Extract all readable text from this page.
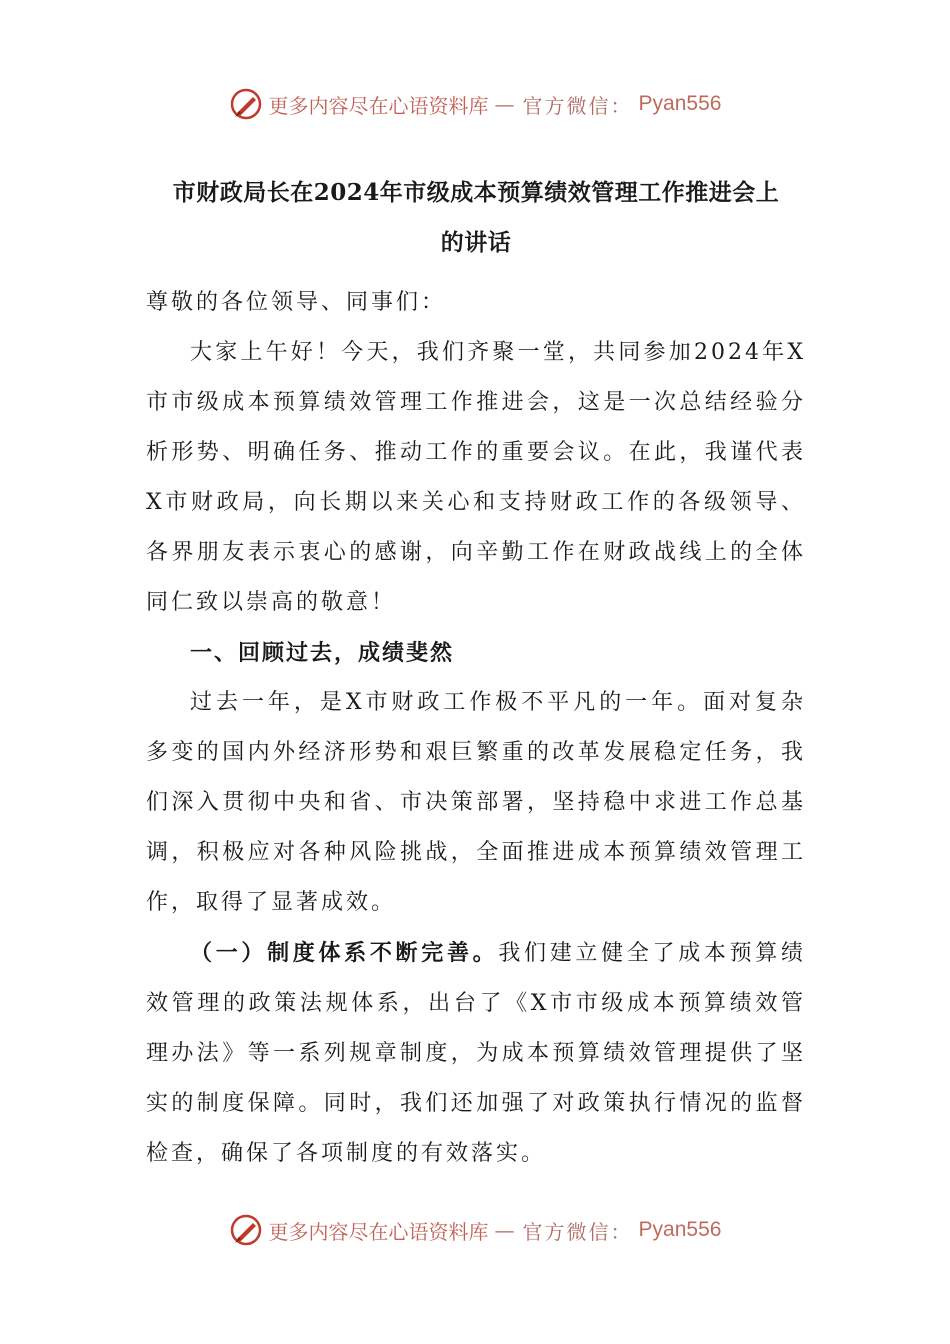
更多内容尽在心语资料库 — 官方微信： Pyan556
市财政局长在2024年市级成本预算绩效管理工作推进会上
的讲话

尊敬的各位领导、同事们：

大家上午好！今天，我们齐聚一堂，共同参加2024年X市市级成本预算绩效管理工作推进会，这是一次总结经验分析形势、明确任务、推动工作的重要会议。在此，我谨代表X市财政局，向长期以来关心和支持财政工作的各级领导、各界朋友表示衷心的感谢，向辛勤工作在财政战线上的全体同仁致以崇高的敬意！

一、回顾过去，成绩斐然

过去一年，是X市财政工作极不平凡的一年。面对复杂多变的国内外经济形势和艰巨繁重的改革发展稳定任务，我们深入贯彻中央和省、市决策部署，坚持稳中求进工作总基调，积极应对各种风险挑战，全面推进成本预算绩效管理工作，取得了显著成效。

（一）制度体系不断完善。我们建立健全了成本预算绩效管理的政策法规体系，出台了《X市市级成本预算绩效管理办法》等一系列规章制度，为成本预算绩效管理提供了坚实的制度保障。同时，我们还加强了对政策执行情况的监督检查，确保了各项制度的有效落实。

更多内容尽在心语资料库 — 官方微信： Pyan556
